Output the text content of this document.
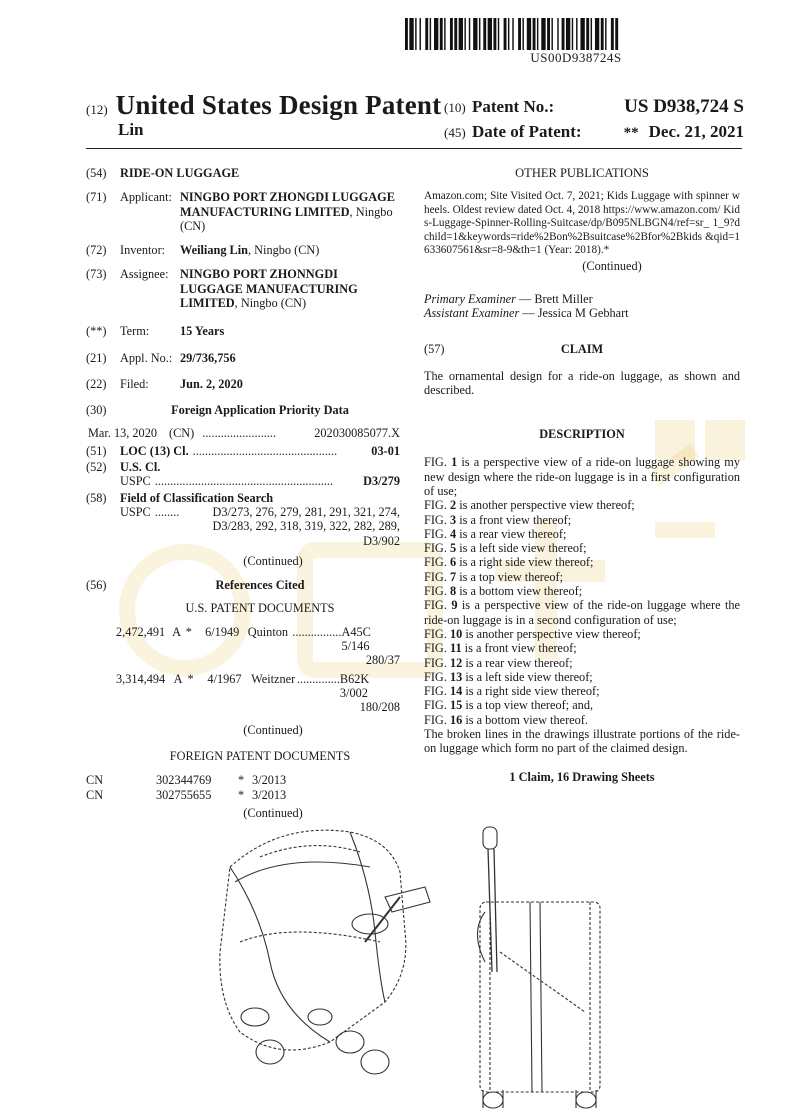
US00D938724S
(12) United States Design Patent
Lin
(10) Patent No.:	US D938,724 S
(45) Date of Patent:	** Dec. 21, 2021
(54)	RIDE-ON LUGGAGE
(71)	Applicant: NINGBO PORT ZHONGDI LUGGAGE MANUFACTURING LIMITED, Ningbo (CN)
(72)	Inventor:	Weiliang Lin, Ningbo (CN)
(73)	Assignee: NINGBO PORT ZHONNGDI LUGGAGE MANUFACTURING LIMITED, Ningbo (CN)
(**)	Term:	15 Years
(21)	Appl. No.: 29/736,756
(22)	Filed:	Jun. 2, 2020
(30)	Foreign Application Priority Data
Mar. 13, 2020 (CN) ........................	202030085077.X
(51)	LOC (13) Cl. ...............................................	03-01
(52)	U.S. Cl.
USPC ..........................................................	D3/279
(58)	Field of Classification Search
USPC ........	D3/273, 276, 279, 281, 291, 321, 274, D3/283, 292, 318, 319, 322, 282, 289, D3/902
(Continued)
(56)	References Cited
U.S. PATENT DOCUMENTS
2,472,491 A *	6/1949 Quinton ................ A45C 5/146
280/37
3,314,494 A *	4/1967 Weitzner .............. B62K 3/002
180/208
(Continued)
FOREIGN PATENT DOCUMENTS
CN	302344769	* 3/2013
CN	302755655	* 3/2013
(Continued)
OTHER PUBLICATIONS
Amazon.com; Site Visited Oct. 7, 2021; Kids Luggage with spinner wheels. Oldest review dated Oct. 4, 2018 https://www.amazon.com/ Kids-Luggage-Spinner-Rolling-Suitcase/dp/B095NLBGN4/ref=sr_ 1_9?dchild=1&keywords=ride%2Bon%2Bsuitcase%2Bfor%2Bkids &qid=1633607561&sr=8-9&th=1 (Year: 2018).*
(Continued)
Primary Examiner — Brett Miller
Assistant Examiner — Jessica M Gebhart
(57)	CLAIM
The ornamental design for a ride-on luggage, as shown and described.
DESCRIPTION

FIG. 1 is a perspective view of a ride-on luggage showing my new design where the ride-on luggage is in a first configuration of use;

FIG. 2 is another perspective view thereof;

FIG. 3 is a front view thereof;

FIG. 4 is a rear view thereof;

FIG. 5 is a left side view thereof;

FIG. 6 is a right side view thereof;

FIG. 7 is a top view thereof;

FIG. 8 is a bottom view thereof;

FIG. 9 is a perspective view of the ride-on luggage where the ride-on luggage is in a second configuration of use;

FIG. 10 is another perspective view thereof;

FIG. 11 is a front view thereof;

FIG. 12 is a rear view thereof;

FIG. 13 is a left side view thereof;

FIG. 14 is a right side view thereof;

FIG. 15 is a top view thereof; and,

FIG. 16 is a bottom view thereof.

The broken lines in the drawings illustrate portions of the ride-on luggage which form no part of the claimed design.

1 Claim, 16 Drawing Sheets
